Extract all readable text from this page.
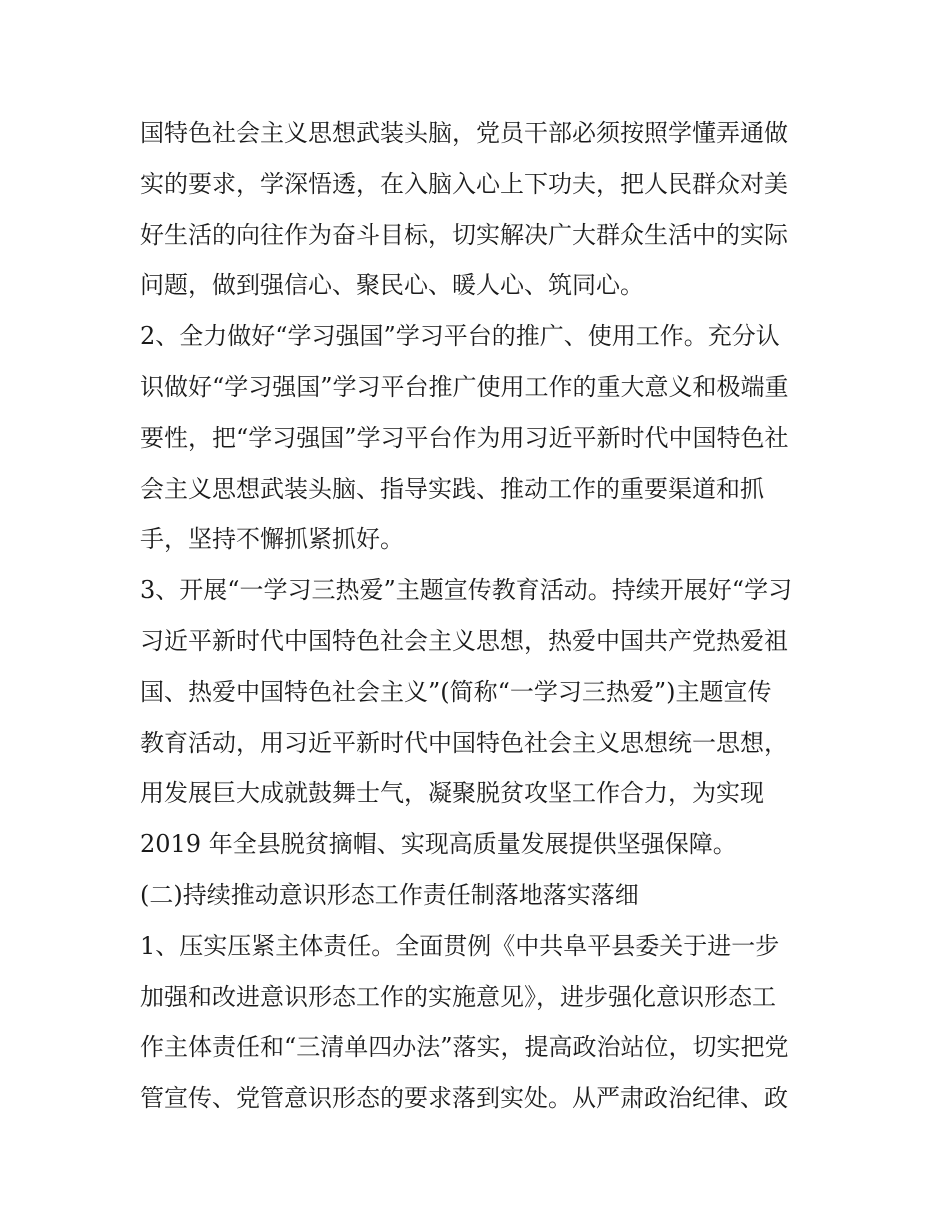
国特色社会主义思想武装头脑，党员干部必须按照学懂弄通做
实的要求，学深悟透，在入脑入心上下功夫，把人民群众对美
好生活的向往作为奋斗目标，切实解决广大群众生活中的实际
问题，做到强信心、聚民心、暖人心、筑同心。
2、全力做好“学习强国”学习平台的推广、使用工作。充分认
识做好“学习强国”学习平台推广使用工作的重大意义和极端重
要性，把“学习强国”学习平台作为用习近平新时代中国特色社
会主义思想武装头脑、指导实践、推动工作的重要渠道和抓
手，坚持不懈抓紧抓好。
3、开展“一学习三热爱”主题宣传教育活动。持续开展好“学习
习近平新时代中国特色社会主义思想，热爱中国共产党热爱祖
国、热爱中国特色社会主义”(简称“一学习三热爱”)主题宣传
教育活动，用习近平新时代中国特色社会主义思想统一思想，
用发展巨大成就鼓舞士气，凝聚脱贫攻坚工作合力，为实现
2019 年全县脱贫摘帽、实现高质量发展提供坚强保障。
(二)持续推动意识形态工作责任制落地落实落细
1、压实压紧主体责任。全面贯例《中共阜平县委关于进一步
加强和改进意识形态工作的实施意见》，进步强化意识形态工
作主体责任和“三清单四办法”落实，提高政治站位，切实把党
管宣传、党管意识形态的要求落到实处。从严肃政治纪律、政
